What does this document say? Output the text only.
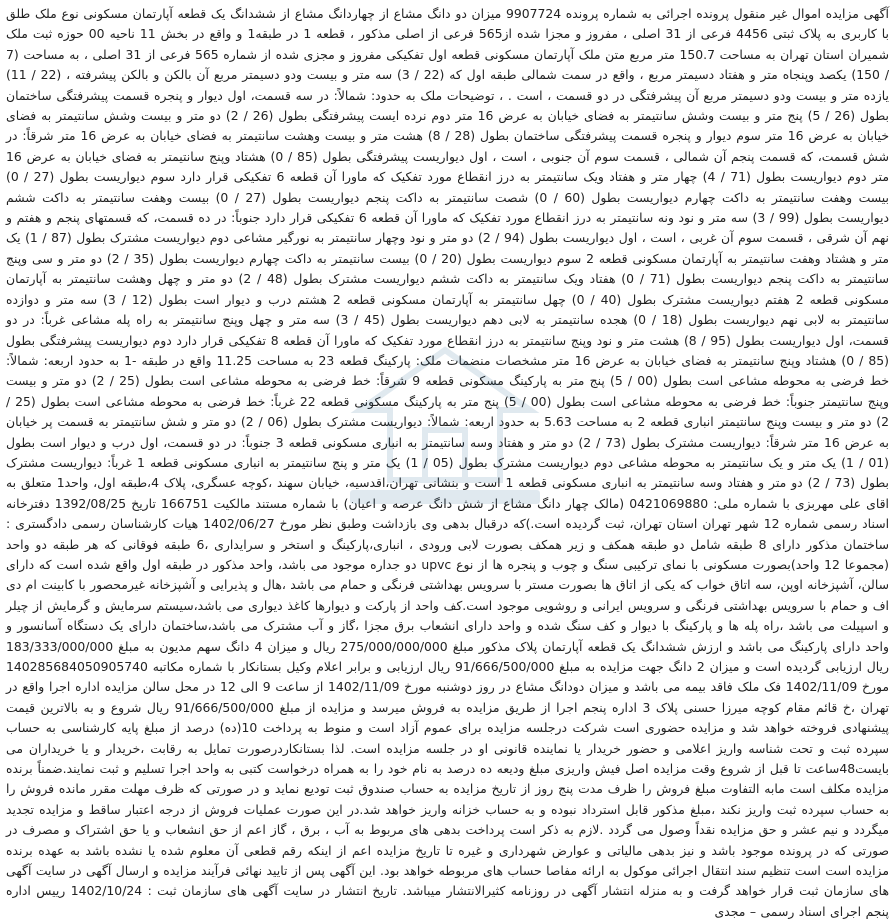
آگهی مزایده اموال غیر منقول پرونده اجرائی به شماره پرونده 9907724 میزان دو دانگ مشاع از چهاردانگ مشاع از ششدانگ یک قطعه آپارتمان مسکونی نوع ملک طلق با کاربری به پلاک ثبتی 4456 فرعی از 31 اصلی ، مفروز و مجزا شده از565 فرعی از اصلی مذکور ، قطعه 1 در طبقه1 و واقع در بخش 11 ناحیه 00 حوزه ثبت ملک شمیران استان تهران به مساحت 150.7 متر مربع متن ملک آپارتمان مسکونی قطعه اول تفکیکی مفروز و مجزی شده از شماره 565 فرعی از 31 اصلی ، به مساحت (7 / 150) یکصد وپنجاه متر و هفتاد دسیمتر مربع ، واقع در سمت شمالی طبقه اول که (22 / 3) سه متر و بیست ودو دسیمتر مربع آن بالکن و بالکن پیشرفته ، (22 / 11) یازده متر و بیست ودو دسیمتر مربع آن پیشرفتگی در دو قسمت ، است . ، توضیحات ملک به حدود: شمالاً: در سه قسمت، اول دیوار و پنجره قسمت پیشرفتگی ساختمان بطول (26 / 5) پنج متر و بیست وشش سانتیمتر به فضای خیابان به عرض 16 متر دوم نرده ایست پیشرفتگی بطول (26 / 2) دو متر و بیست وشش سانتیمتر به فضای خیابان به عرض 16 متر سوم دیوار و پنجره قسمت پیشرفتگی ساختمان بطول (28 / 8) هشت متر و بیست وهشت سانتیمتر به فضای خیابان به عرض 16 متر شرقاً: در شش قسمت، که قسمت پنجم آن شمالی ، قسمت سوم آن جنوبی ، است ، اول دیواریست پیشرفتگی بطول (85 / 0) هشتاد وپنج سانتیمتر به فضای خیابان به عرض 16 متر دوم دیواریست بطول (71 / 4) چهار متر و هفتاد ویک سانتیمتر به درز انقطاع مورد تفکیک که ماورا آن قطعه 6 تفکیکی قرار دارد سوم دیواریست بطول (27 / 0) بیست وهفت سانتیمتر به داکت چهارم دیواریست بطول (60 / 0) شصت سانتیمتر به داکت پنجم دیواریست بطول (27 / 0) بیست وهفت سانتیمتر به داکت ششم دیواریست بطول (99 / 3) سه متر و نود ونه سانتیمتر به درز انقطاع مورد تفکیک که ماورا آن قطعه 6 تفکیکی قرار دارد جنوباً: در ده قسمت، که قسمتهای پنجم و هفتم و نهم آن شرقی ، قسمت سوم آن غربی ، است ، اول دیواریست بطول (94 / 2) دو متر و نود وچهار سانتیمتر به نورگیر مشاعی دوم دیواریست مشترک بطول (87 / 1) یک متر و هشتاد وهفت سانتیمتر به آپارتمان مسکونی قطعه 2 سوم دیواریست بطول (20 / 0) بیست سانتیمتر به داکت چهارم دیواریست بطول (35 / 2) دو متر و سی وپنج سانتیمتر به داکت پنجم دیواریست بطول (71 / 0) هفتاد ویک سانتیمتر به داکت ششم دیواریست مشترک بطول (48 / 2) دو متر و چهل وهشت سانتیمتر به آپارتمان مسکونی قطعه 2 هفتم دیواریست مشترک بطول (40 / 0) چهل سانتیمتر به آپارتمان مسکونی قطعه 2 هشتم درب و دیوار است بطول (12 / 3) سه متر و دوازده سانتیمتر به لابی نهم دیواریست بطول (18 / 0) هجده سانتیمتر به لابی دهم دیواریست بطول (45 / 3) سه متر و چهل وپنج سانتیمتر به راه پله مشاعی غرباً: در دو قسمت، اول دیواریست بطول (95 / 8) هشت متر و نود وپنج سانتیمتر به درز انقطاع مورد تفکیک که ماورا آن قطعه 8 تفکیکی قرار دارد دوم دیواریست پیشرفتگی بطول (85 / 0) هشتاد وپنج سانتیمتر به فضای خیابان به عرض 16 متر مشخصات منضمات ملک: پارکینگ قطعه 23 به مساحت 11.25 واقع در طبقه -1 به حدود اربعه: شمالاً: خط فرضی به محوطه مشاعی است بطول (00 / 5) پنج متر به پارکینگ مسکونی قطعه 9 شرقاً: خط فرضی به محوطه مشاعی است بطول (25 / 2) دو متر و بیست وپنج سانتیمتر جنوباً: خط فرضی به محوطه مشاعی است بطول (00 / 5) پنج متر به پارکینگ مسکونی قطعه 22 غرباً: خط فرضی به محوطه مشاعی است بطول (25 / 2) دو متر و بیست وپنج سانتیمتر انباری قطعه 2 به مساحت 5.63 به حدود اربعه: شمالاً: دیواریست مشترک بطول (06 / 2) دو متر و شش سانتیمتر به قسمت پر خیابان به عرض 16 متر شرقاً: دیواریست مشترک بطول (73 / 2) دو متر و هفتاد وسه سانتیمتر به انباری مسکونی قطعه 3 جنوباً: در دو قسمت، اول درب و دیوار است بطول (01 / 1) یک متر و یک سانتیمتر به محوطه مشاعی دوم دیواریست مشترک بطول (05 / 1) یک متر و پنج سانتیمتر به انباری مسکونی قطعه 1 غرباً: دیواریست مشترک بطول (73 / 2) دو متر و هفتاد وسه سانتیمتر به انباری مسکونی قطعه 1 است و بنشانی تهران،اقدسیه، خیابان سهند ،کوچه عسگری، پلاک 4،طبقه اول، واحد1 متعلق به اقای علی مهربزی با شماره ملی: 0421069880 (مالک چهار دانگ مشاع از شش دانگ عرصه و اعیان) با شماره مستند مالکیت 166751 تاریخ 1392/08/25 دفترخانه اسناد رسمی شماره 12 شهر تهران استان تهران، ثبت گردیده است.)که درقبال بدهی وی بازداشت وطبق نظر مورخ 1402/06/27 هیات کارشناسان رسمی دادگستری : ساختمان مذکور دارای 8 طبقه شامل دو طبقه همکف و زیر همکف بصورت لابی ورودی ، انباری،پارکینگ و استخر و سرایداری ،6 طبقه فوقانی که هر طبقه دو واحد (مجموعا 12 واحد)بصورت مسکونی با نمای ترکیبی سنگ و چوب و پنجره ها از نوع upvc دو جداره موجود می باشد، واحد مذکور در طبقه اول واقع شده است که دارای سالن، آشپزخانه اوپن، سه اتاق خواب که یکی از اتاق ها بصورت مستر با سرویس بهداشتی فرنگی و حمام می باشد ،هال و پذیرایی و آشپزخانه غیرمحصور با کابینت ام دی اف و حمام با سرویس بهداشتی فرنگی و سرویس ایرانی و روشویی موجود است.کف واحد از پارکت و دیوارها کاغذ دیواری می باشد،سیستم سرمایش و گرمایش از چیلر و اسپیلت می باشد ،راه پله ها و پارکینگ با دیوار و کف سنگ شده و واحد دارای انشعاب برق مجزا ،گاز و آب مشترک می باشد،ساختمان دارای یک دستگاه آسانسور و واحد دارای پارکینگ می باشد و ارزش ششدانگ یک قطعه آپارتمان پلاک مذکور مبلغ 275/000/000/000 ریال و میزان 4 دانگ سهم مدیون به مبلغ 183/333/000/000 ریال ارزیابی گردیده است و میزان 2 دانگ جهت مزایده به مبلغ 91/666/500/000 ریال ارزیابی و برابر اعلام وکیل بستانکار با شماره مکاتبه 140285684050905740 مورخ 1402/11/09 فک ملک فاقد بیمه می باشد و میزان دودانگ مشاع در روز دوشنبه مورخ 1402/11/09 از ساعت 9 الی 12 در محل سالن مزایده اداره اجرا واقع در تهران ،خ قائم مقام کوچه میرزا حسنی پلاک 3 اداره پنجم اجرا از طریق مزایده به فروش میرسد و مزایده از مبلغ 91/666/500/000 ریال شروع و به بالاترین قیمت پیشنهادی فروخته خواهد شد و مزایده حضوری است شرکت درجلسه مزایده برای عموم آزاد است و منوط به پرداخت 10(ده) درصد از مبلغ پایه کارشناسی به حساب سپرده ثبت و تحت شناسه واریز اعلامی و حضور خریدار یا نماینده قانونی او در جلسه مزایده است. لذا بستانکاردرصورت تمایل به رقابت ،خریدار و یا خریداران می بایست48ساعت تا قبل از شروع وقت مزایده اصل فیش واریزی مبلغ ودیعه ده درصد به نام خود را به همراه درخواست کتبی به واحد اجرا تسلیم و ثبت نمایند.ضمناً برنده مزایده مکلف است مابه التفاوت مبلغ فروش را ظرف مدت پنج روز از تاریخ مزایده به حساب صندوق ثبت تودیع نماید و در صورتی که ظرف مهلت مقرر مانده فروش را به حساب سپرده ثبت واریز نکند ،مبلغ مذکور قابل استرداد نبوده و به حساب خزانه واریز خواهد شد.در این صورت عملیات فروش از درجه اعتبار ساقط و مزایده تجدید میگردد و نیم عشر و حق مزایده نقداً وصول می گردد .لازم به ذکر است پرداخت بدهی های مربوط به آب ، برق ، گاز اعم از حق انشعاب و یا حق اشتراک و مصرف در صورتی که در پرونده موجود باشد و نیز بدهی مالیاتی و عوارض شهرداری و غیره تا تاریخ مزایده اعم از اینکه رقم قطعی آن معلوم شده یا نشده باشد به عهده برنده مزایده است است تنظیم سند انتقال اجرائی موکول به ارائه مفاصا حساب های مربوطه خواهد بود. این آگهی پس از تایید نهائی فرآیند مزایده و ارسال آگهی در سایت آگهی های سازمان ثبت قرار خواهد گرفت و به منزله انتشار آگهی در روزنامه کثیرالانتشار میباشد. تاریخ انتشار در سایت آگهی های سازمان ثبت : 1402/10/24 رییس اداره پنجم اجرای اسناد رسمی – مجدی
